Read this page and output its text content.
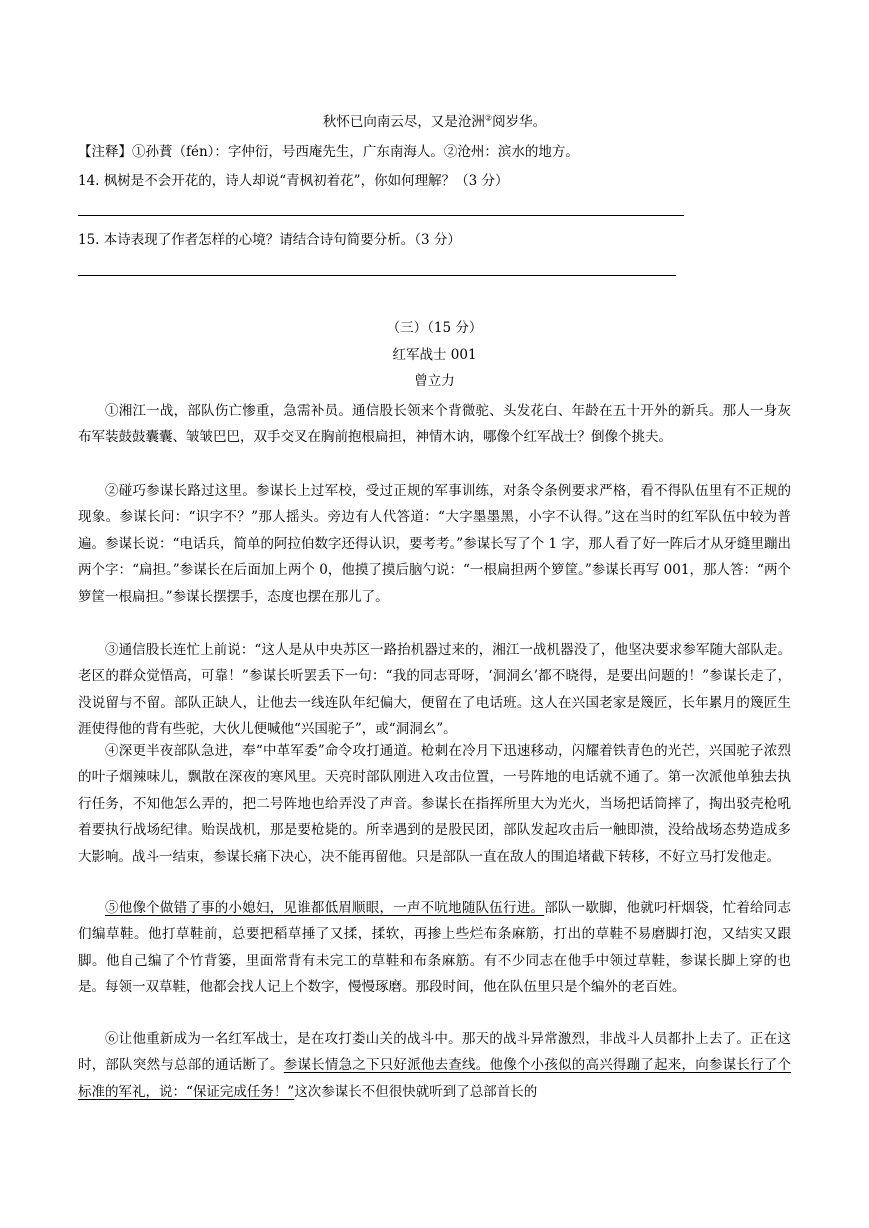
秋怀已向南云尽，又是沧洲②阅岁华。
【注释】①孙蕡（fén）：字仲衍，号西庵先生，广东南海人。②沧州：滨水的地方。
14. 枫树是不会开花的，诗人却说“青枫初着花”，你如何理解？（3 分）
15. 本诗表现了作者怎样的心境？请结合诗句简要分析。（3 分）
（三）（15 分）
红军战士 001
曾立力
①湘江一战，部队伤亡惨重，急需补员。通信股长领来个背微驼、头发花白、年龄在五十开外的新兵。那人一身灰布军装鼓鼓囊囊、皱皱巴巴，双手交叉在胸前抱根扁担，神情木讷，哪像个红军战士？倒像个挑夫。
②碰巧参谋长路过这里。参谋长上过军校，受过正规的军事训练，对条令条例要求严格，看不得队伍里有不正规的现象。参谋长问：“识字不？”那人摇头。旁边有人代答道：“大字墨墨黑，小字不认得。”这在当时的红军队伍中较为普遍。参谋长说：“电话兵，简单的阿拉伯数字还得认识，要考考。”参谋长写了个 1 字，那人看了好一阵后才从牙缝里蹦出两个字：“扁担。”参谋长在后面加上两个 0，他摸了摸后脑勺说：“一根扁担两个箩筐。”参谋长再写 001，那人答：“两个箩筐一根扁担。”参谋长摆摆手，态度也摆在那儿了。
③通信股长连忙上前说：“这人是从中央苏区一路抬机器过来的，湘江一战机器没了，他坚决要求参军随大部队走。老区的群众觉悟高，可靠！”参谋长听罢丢下一句：“我的同志哥呀，‘洞洞幺’都不晓得，是要出问题的！”参谋长走了，没说留与不留。部队正缺人，让他去一线连队年纪偏大，便留在了电话班。这人在兴国老家是篾匠，长年累月的篾匠生涯使得他的背有些驼，大伙儿便喊他“兴国驼子”，或“洞洞幺”。
④深更半夜部队急进，奉“中革军委”命令攻打通道。枪刺在冷月下迅速移动，闪耀着铁青色的光芒，兴国驼子浓烈的叶子烟辣味儿，飘散在深夜的寒风里。天亮时部队刚进入攻击位置，一号阵地的电话就不通了。第一次派他单独去执行任务，不知他怎么弄的，把二号阵地也给弄没了声音。参谋长在指挥所里大为光火，当场把话筒摔了，掏出驳壳枪吼着要执行战场纪律。贻误战机，那是要枪毙的。所幸遇到的是股民团，部队发起攻击后一触即溃，没给战场态势造成多大影响。战斗一结束，参谋长痛下决心，决不能再留他。只是部队一直在敌人的围追堵截下转移，不好立马打发他走。
⑤他像个做错了事的小媳妇，见谁都低眉顺眼，一声不吭地随队伍行进。部队一歇脚，他就叼杆烟袋，忙着给同志们编草鞋。他打草鞋前，总要把稻草捶了又揉，揉软，再掺上些烂布条麻筋，打出的草鞋不易磨脚打泡，又结实又跟脚。他自己编了个竹背篓，里面常背有未完工的草鞋和布条麻筋。有不少同志在他手中领过草鞋，参谋长脚上穿的也是。每领一双草鞋，他都会找人记上个数字，慢慢琢磨。那段时间，他在队伍里只是个编外的老百姓。
⑥让他重新成为一名红军战士，是在攻打娄山关的战斗中。那天的战斗异常激烈，非战斗人员都扑上去了。正在这时，部队突然与总部的通话断了。参谋长情急之下只好派他去查线。他像个小孩似的高兴得蹦了起来，向参谋长行了个标准的军礼，说：“保证完成任务！”这次参谋长不但很快就听到了总部首长的
